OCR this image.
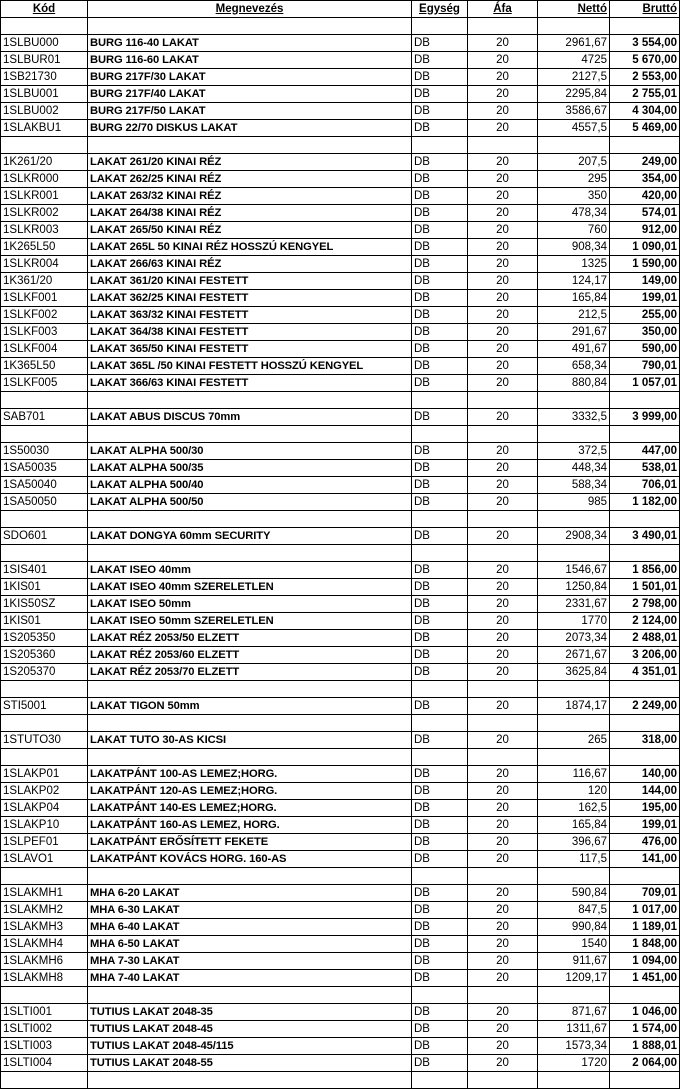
Kód	Megnevezés	Egység	Áfa	Nettó	Bruttó

1SLBU000	BURG 116-40 LAKAT	DB	20	2961,67	3 554,00
1SLBUR01	BURG 116-60 LAKAT	DB	20	4725	5 670,00
1SB21730	BURG 217F/30 LAKAT	DB	20	2127,5	2 553,00
1SLBU001	BURG 217F/40 LAKAT	DB	20	2295,84	2 755,01
1SLBU002	BURG 217F/50 LAKAT	DB	20	3586,67	4 304,00
1SLAKBU1	BURG 22/70 DISKUS LAKAT	DB	20	4557,5	5 469,00

1K261/20	LAKAT 261/20 KINAI RÉZ	DB	20	207,5	249,00
1SLKR000	LAKAT 262/25 KINAI RÉZ	DB	20	295	354,00
1SLKR001	LAKAT 263/32 KINAI RÉZ	DB	20	350	420,00
1SLKR002	LAKAT 264/38 KINAI RÉZ	DB	20	478,34	574,01
1SLKR003	LAKAT 265/50 KINAI RÉZ	DB	20	760	912,00
1K265L50	LAKAT 265L 50 KINAI RÉZ HOSSZÚ KENGYEL	DB	20	908,34	1 090,01
1SLKR004	LAKAT 266/63 KINAI RÉZ	DB	20	1325	1 590,00
1K361/20	LAKAT 361/20 KINAI FESTETT	DB	20	124,17	149,00
1SLKF001	LAKAT 362/25 KINAI FESTETT	DB	20	165,84	199,01
1SLKF002	LAKAT 363/32 KINAI FESTETT	DB	20	212,5	255,00
1SLKF003	LAKAT 364/38 KINAI FESTETT	DB	20	291,67	350,00
1SLKF004	LAKAT 365/50 KINAI FESTETT	DB	20	491,67	590,00
1K365L50	LAKAT 365L /50 KINAI FESTETT HOSSZÚ KENGYEL	DB	20	658,34	790,01
1SLKF005	LAKAT 366/63 KINAI FESTETT	DB	20	880,84	1 057,01

SAB701	LAKAT ABUS DISCUS 70mm	DB	20	3332,5	3 999,00

1S50030	LAKAT ALPHA 500/30	DB	20	372,5	447,00
1SA50035	LAKAT ALPHA 500/35	DB	20	448,34	538,01
1SA50040	LAKAT ALPHA 500/40	DB	20	588,34	706,01
1SA50050	LAKAT ALPHA 500/50	DB	20	985	1 182,00

SDO601	LAKAT DONGYA 60mm SECURITY	DB	20	2908,34	3 490,01

1SIS401	LAKAT ISEO 40mm	DB	20	1546,67	1 856,00
1KIS01	LAKAT ISEO 40mm SZERELETLEN	DB	20	1250,84	1 501,01
1KIS50SZ	LAKAT ISEO 50mm	DB	20	2331,67	2 798,00
1KIS01	LAKAT ISEO 50mm SZERELETLEN	DB	20	1770	2 124,00
1S205350	LAKAT RÉZ 2053/50 ELZETT	DB	20	2073,34	2 488,01
1S205360	LAKAT RÉZ 2053/60 ELZETT	DB	20	2671,67	3 206,00
1S205370	LAKAT RÉZ 2053/70 ELZETT	DB	20	3625,84	4 351,01

STI5001	LAKAT TIGON 50mm	DB	20	1874,17	2 249,00

1STUTO30	LAKAT TUTO 30-AS KICSI	DB	20	265	318,00

1SLAKP01	LAKATPÁNT 100-AS LEMEZ;HORG.	DB	20	116,67	140,00
1SLAKP02	LAKATPÁNT 120-AS LEMEZ;HORG.	DB	20	120	144,00
1SLAKP04	LAKATPÁNT 140-ES LEMEZ;HORG.	DB	20	162,5	195,00
1SLAKP10	LAKATPÁNT 160-AS LEMEZ, HORG.	DB	20	165,84	199,01
1SLPEF01	LAKATPÁNT ERŐSÍTETT FEKETE	DB	20	396,67	476,00
1SLAVO1	LAKATPÁNT KOVÁCS HORG. 160-AS	DB	20	117,5	141,00

1SLAKMH1	MHA 6-20 LAKAT	DB	20	590,84	709,01
1SLAKMH2	MHA 6-30 LAKAT	DB	20	847,5	1 017,00
1SLAKMH3	MHA 6-40 LAKAT	DB	20	990,84	1 189,01
1SLAKMH4	MHA 6-50 LAKAT	DB	20	1540	1 848,00
1SLAKMH6	MHA 7-30 LAKAT	DB	20	911,67	1 094,00
1SLAKMH8	MHA 7-40 LAKAT	DB	20	1209,17	1 451,00

1SLTI001	TUTIUS LAKAT 2048-35	DB	20	871,67	1 046,00
1SLTI002	TUTIUS LAKAT 2048-45	DB	20	1311,67	1 574,00
1SLTI003	TUTIUS LAKAT 2048-45/115	DB	20	1573,34	1 888,01
1SLTI004	TUTIUS LAKAT 2048-55	DB	20	1720	2 064,00
